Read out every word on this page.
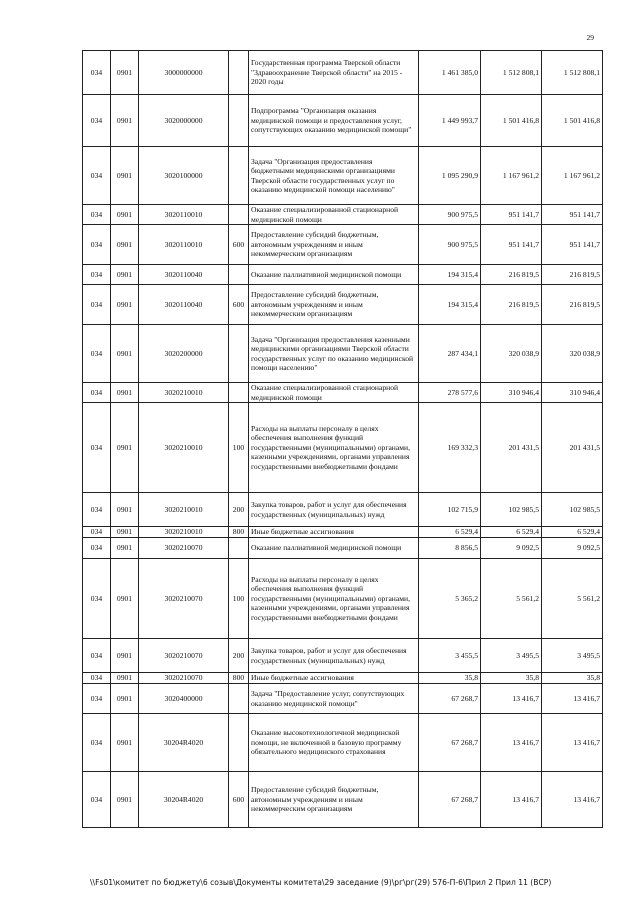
29
034	0901	3000000000		Государственная программа Тверской области "Здравоохранение Тверской области" на 2015 - 2020 годы	1 461 385,0	1 512 808,1	1 512 808,1
034	0901	3020000000		Подпрограмма "Организация оказания медицинской помощи и предоставления услуг, сопутствующих оказанию медицинской помощи"	1 449 993,7	1 501 416,8	1 501 416,8
034	0901	3020100000		Задача "Организация предоставления бюджетными медицинскими организациями Тверской области государственных услуг по оказанию медицинской помощи населению"	1 095 290,9	1 167 961,2	1 167 961,2
034	0901	3020110010		Оказание специализированной стационарной медицинской помощи	900 975,5	951 141,7	951 141,7
034	0901	3020110010	600	Предоставление субсидий бюджетным, автономным учреждениям и иным некоммерческим организациям	900 975,5	951 141,7	951 141,7
034	0901	3020110040		Оказание паллиативной медицинской помощи	194 315,4	216 819,5	216 819,5
034	0901	3020110040	600	Предоставление субсидий бюджетным, автономным учреждениям и иным некоммерческим организациям	194 315,4	216 819,5	216 819,5
034	0901	3020200000		Задача "Организация предоставления казенными медицинскими организациями Тверской области государственных услуг по оказанию медицинской помощи населению"	287 434,1	320 038,9	320 038,9
034	0901	3020210010		Оказание специализированной стационарной медицинской помощи	278 577,6	310 946,4	310 946,4
034	0901	3020210010	100	Расходы на выплаты персоналу в целях обеспечения выполнения функций государственными (муниципальными) органами, казенными учреждениями, органами управления государственными внебюджетными фондами	169 332,3	201 431,5	201 431,5
034	0901	3020210010	200	Закупка товаров, работ и услуг для обеспечения государственных (муниципальных) нужд	102 715,9	102 985,5	102 985,5
034	0901	3020210010	800	Иные бюджетные ассигнования	6 529,4	6 529,4	6 529,4
034	0901	3020210070		Оказание паллиативной медицинской помощи	8 856,5	9 092,5	9 092,5
034	0901	3020210070	100	Расходы на выплаты персоналу в целях обеспечения выполнения функций государственными (муниципальными) органами, казенными учреждениями, органами управления государственными внебюджетными фондами	5 365,2	5 561,2	5 561,2
034	0901	3020210070	200	Закупка товаров, работ и услуг для обеспечения государственных (муниципальных) нужд	3 455,5	3 495,5	3 495,5
034	0901	3020210070	800	Иные бюджетные ассигнования	35,8	35,8	35,8
034	0901	3020400000		Задача "Предоставление услуг, сопутствующих оказанию медицинской помощи"	67 268,7	13 416,7	13 416,7
034	0901	30204R4020		Оказание высокотехнологичной медицинской помощи, не включенной в базовую программу обязательного медицинского страхования	67 268,7	13 416,7	13 416,7
034	0901	30204R4020	600	Предоставление субсидий бюджетным, автономным учреждениям и иным некоммерческим организациям	67 268,7	13 416,7	13 416,7
\\Fs01\комитет по бюджету\6 созыв\Документы комитета\29 заседание (9)\рг\рг(29) 576-П-6\Прил 2 Прил 11 (ВСР)
